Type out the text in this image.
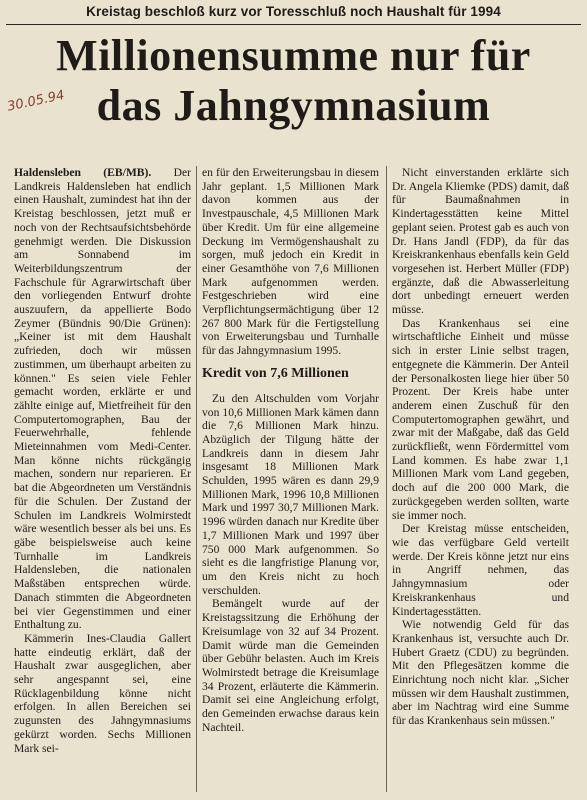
Kreistag beschloß kurz vor Toresschluß noch Haushalt für 1994
Millionensumme nur für
das Jahngymnasium
30.05.94

Haldensleben (EB/MB). Der Landkreis Haldensleben hat endlich einen Haushalt, zumindest hat ihn der Kreistag beschlossen, jetzt muß er noch von der Rechtsaufsichtsbehörde genehmigt werden. Die Diskussion am Sonnabend im Weiterbildungszentrum der Fachschule für Agrarwirtschaft über den vorliegenden Entwurf drohte auszuufern, da appellierte Bodo Zeymer (Bündnis 90/Die Grünen): „Keiner ist mit dem Haushalt zufrieden, doch wir müssen zustimmen, um überhaupt arbeiten zu können." Es seien viele Fehler gemacht worden, erklärte er und zählte einige auf, Mietfreiheit für den Computertomographen, Bau der Feuerwehrhalle, fehlende Mieteinnahmen vom Medi-Center. Man könne nichts rückgängig machen, sondern nur reparieren. Er bat die Abgeordneten um Verständnis für die Schulen. Der Zustand der Schulen im Landkreis Wolmirstedt wäre wesentlich besser als bei uns. Es gäbe beispielsweise auch keine Turnhalle im Landkreis Haldensleben, die nationalen Maßstäben entsprechen würde. Danach stimmten die Abgeordneten bei vier Gegenstimmen und einer Enthaltung zu.

Kämmerin Ines-Claudia Gallert hatte eindeutig erklärt, daß der Haushalt zwar ausgeglichen, aber sehr angespannt sei, eine Rücklagenbildung könne nicht erfolgen. In allen Bereichen sei zugunsten des Jahngymnasiums gekürzt worden. Sechs Millionen Mark sei-

en für den Erweiterungsbau in diesem Jahr geplant. 1,5 Millionen Mark davon kommen aus der Investpauschale, 4,5 Millionen Mark über Kredit. Um für eine allgemeine Deckung im Vermögenshaushalt zu sorgen, muß jedoch ein Kredit in einer Gesamthöhe von 7,6 Millionen Mark aufgenommen werden. Festgeschrieben wird eine Verpflichtungsermächtigung über 12 267 800 Mark für die Fertigstellung von Erweiterungsbau und Turnhalle für das Jahngymnasium 1995.

Kredit von 7,6 Millionen

Zu den Altschulden vom Vorjahr von 10,6 Millionen Mark kämen dann die 7,6 Millionen Mark hinzu. Abzüglich der Tilgung hätte der Landkreis dann in diesem Jahr insgesamt 18 Millionen Mark Schulden, 1995 wären es dann 29,9 Millionen Mark, 1996 10,8 Millionen Mark und 1997 30,7 Millionen Mark. 1996 würden danach nur Kredite über 1,7 Millionen Mark und 1997 über 750 000 Mark aufgenommen. So sieht es die langfristige Planung vor, um den Kreis nicht zu hoch verschulden.

Bemängelt wurde auf der Kreistagssitzung die Erhöhung der Kreisumlage von 32 auf 34 Prozent. Damit würde man die Gemeinden über Gebühr belasten. Auch im Kreis Wolmirstedt betrage die Kreisumlage 34 Prozent, erläuterte die Kämmerin. Damit sei eine Angleichung erfolgt, den Gemeinden erwachse daraus kein Nachteil.

Nicht einverstanden erklärte sich Dr. Angela Kliemke (PDS) damit, daß für Baumaßnahmen in Kindertagesstätten keine Mittel geplant seien. Protest gab es auch von Dr. Hans Jandl (FDP), da für das Kreiskrankenhaus ebenfalls kein Geld vorgesehen ist. Herbert Müller (FDP) ergänzte, daß die Abwasserleitung dort unbedingt erneuert werden müsse.

Das Krankenhaus sei eine wirtschaftliche Einheit und müsse sich in erster Linie selbst tragen, entgegnete die Kämmerin. Der Anteil der Personalkosten liege hier über 50 Prozent. Der Kreis habe unter anderem einen Zuschuß für den Computertomographen gewährt, und zwar mit der Maßgabe, daß das Geld zurückfließt, wenn Fördermittel vom Land kommen. Es habe zwar 1,1 Millionen Mark vom Land gegeben, doch auf die 200 000 Mark, die zurückgegeben werden sollten, warte sie immer noch.

Der Kreistag müsse entscheiden, wie das verfügbare Geld verteilt werde. Der Kreis könne jetzt nur eins in Angriff nehmen, das Jahngymnasium oder Kreiskrankenhaus und Kindertagesstätten.

Wie notwendig Geld für das Krankenhaus ist, versuchte auch Dr. Hubert Graetz (CDU) zu begründen. Mit den Pflegesätzen komme die Einrichtung noch nicht klar. „Sicher müssen wir dem Haushalt zustimmen, aber im Nachtrag wird eine Summe für das Krankenhaus sein müssen."
